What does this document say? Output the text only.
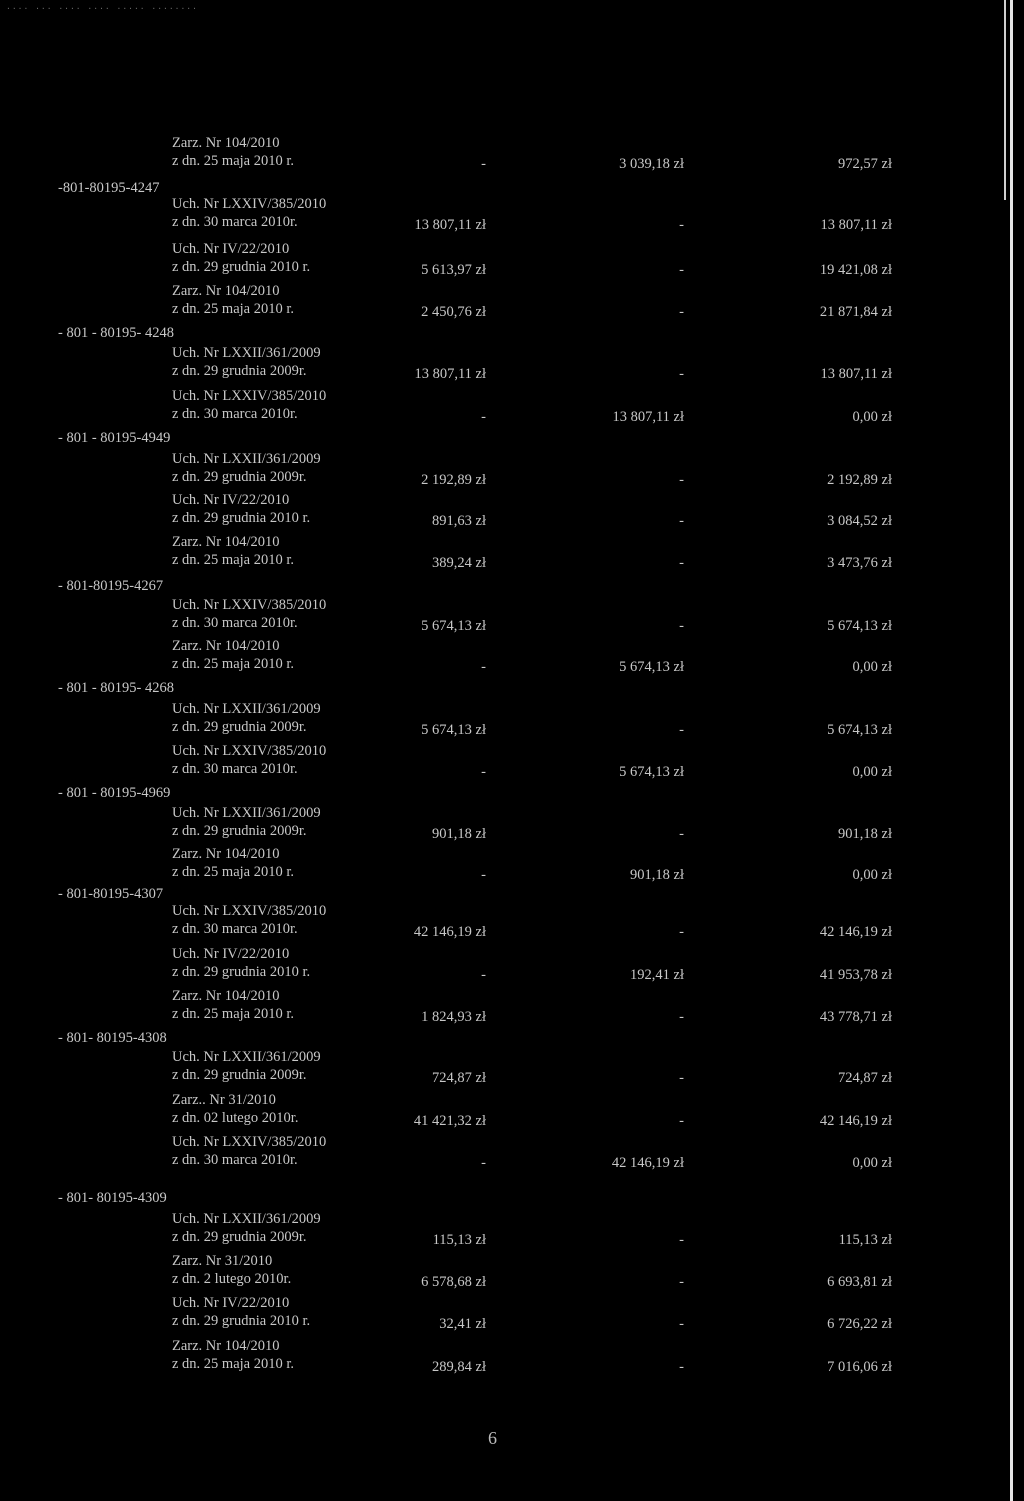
···· ··· ···· ···· ····· ········
Zarz. Nr 104/2010
z dn. 25 maja 2010 r.	-	3 039,18 zł	972,57 zł
-801-80195-4247
Uch. Nr LXXIV/385/2010
z dn. 30 marca 2010r.	13 807,11 zł	-	13 807,11 zł
Uch. Nr IV/22/2010
z dn. 29 grudnia 2010 r.	5 613,97 zł	-	19 421,08 zł
Zarz. Nr 104/2010
z dn. 25 maja 2010 r.	2 450,76 zł	-	21 871,84 zł
- 801 - 80195- 4248
Uch. Nr LXXII/361/2009
z dn. 29 grudnia 2009r.	13 807,11 zł	-	13 807,11 zł
Uch. Nr LXXIV/385/2010
z dn. 30 marca 2010r.	-	13 807,11 zł	0,00 zł
- 801 - 80195-4949
Uch. Nr LXXII/361/2009
z dn. 29 grudnia 2009r.	2 192,89 zł	-	2 192,89 zł
Uch. Nr IV/22/2010
z dn. 29 grudnia 2010 r.	891,63 zł	-	3 084,52 zł
Zarz. Nr 104/2010
z dn. 25 maja 2010 r.	389,24 zł	-	3 473,76 zł
- 801-80195-4267
Uch. Nr LXXIV/385/2010
z dn. 30 marca 2010r.	5 674,13 zł	-	5 674,13 zł
Zarz. Nr 104/2010
z dn. 25 maja 2010 r.	-	5 674,13 zł	0,00 zł
- 801 - 80195- 4268
Uch. Nr LXXII/361/2009
z dn. 29 grudnia 2009r.	5 674,13 zł	-	5 674,13 zł
Uch. Nr LXXIV/385/2010
z dn. 30 marca 2010r.	-	5 674,13 zł	0,00 zł
- 801 - 80195-4969
Uch. Nr LXXII/361/2009
z dn. 29 grudnia 2009r.	901,18 zł	-	901,18 zł
Zarz. Nr 104/2010
z dn. 25 maja 2010 r.	-	901,18 zł	0,00 zł
- 801-80195-4307
Uch. Nr LXXIV/385/2010
z dn. 30 marca 2010r.	42 146,19 zł	-	42 146,19 zł
Uch. Nr IV/22/2010
z dn. 29 grudnia 2010 r.	-	192,41 zł	41 953,78 zł
Zarz. Nr 104/2010
z dn. 25 maja 2010 r.	1 824,93 zł	-	43 778,71 zł
- 801- 80195-4308
Uch. Nr LXXII/361/2009
z dn. 29 grudnia 2009r.	724,87 zł	-	724,87 zł
Zarz.. Nr 31/2010
z dn. 02 lutego 2010r.	41 421,32 zł	-	42 146,19 zł
Uch. Nr LXXIV/385/2010
z dn. 30 marca 2010r.	-	42 146,19 zł	0,00 zł
- 801- 80195-4309
Uch. Nr LXXII/361/2009
z dn. 29 grudnia 2009r.	115,13 zł	-	115,13 zł
Zarz. Nr 31/2010
z dn. 2 lutego 2010r.	6 578,68 zł	-	6 693,81 zł
Uch. Nr IV/22/2010
z dn. 29 grudnia 2010 r.	32,41 zł	-	6 726,22 zł
Zarz. Nr 104/2010
z dn. 25 maja 2010 r.	289,84 zł	-	7 016,06 zł
6
